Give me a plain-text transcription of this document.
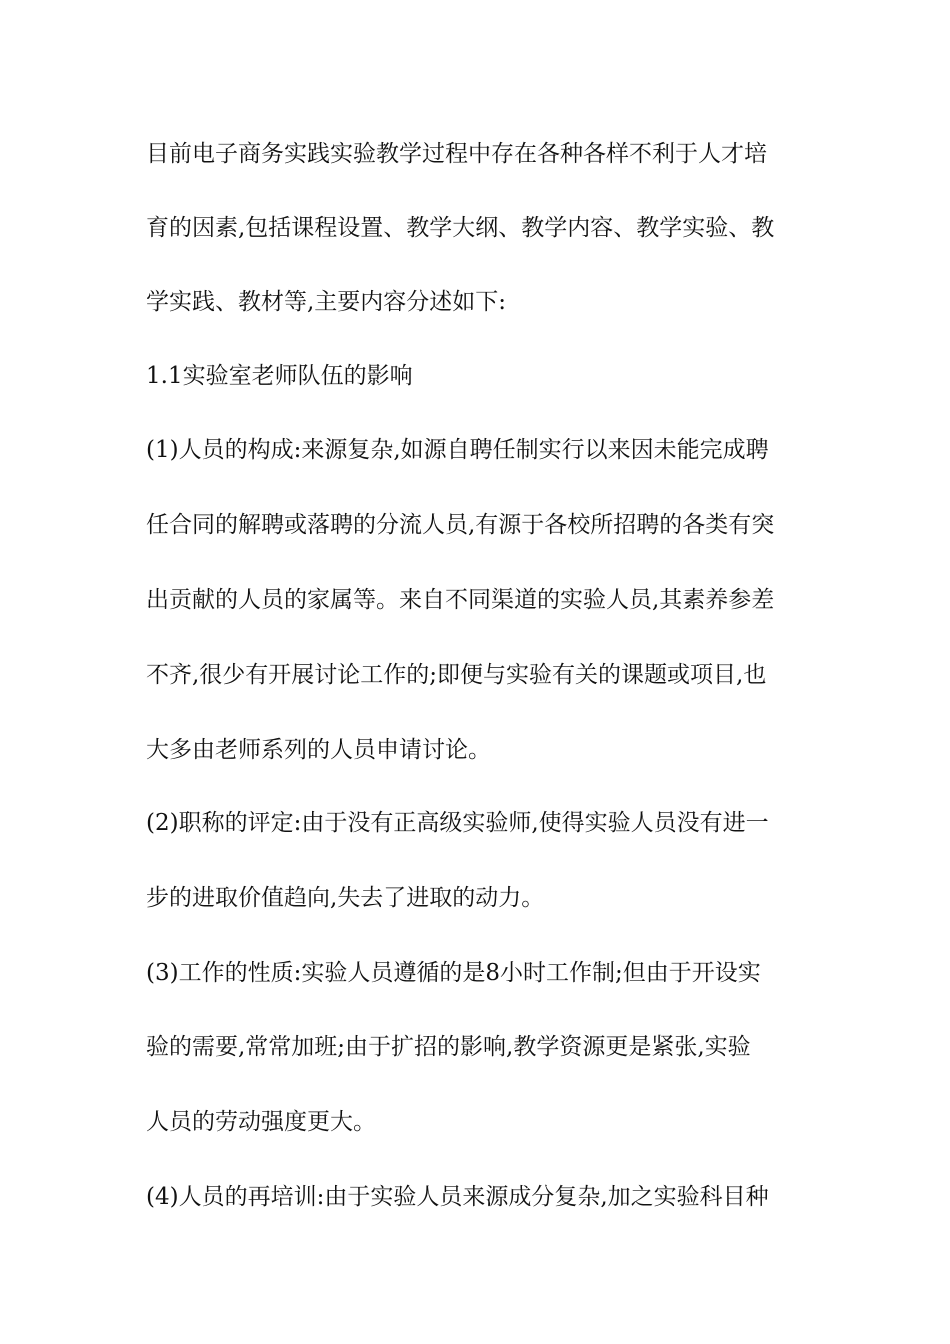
目前电子商务实践实验教学过程中存在各种各样不利于人才培
育的因素,包括课程设置、教学大纲、教学内容、教学实验、教
学实践、教材等,主要内容分述如下:
1.1实验室老师队伍的影响
(1)人员的构成:来源复杂,如源自聘任制实行以来因未能完成聘
任合同的解聘或落聘的分流人员,有源于各校所招聘的各类有突
出贡献的人员的家属等。来自不同渠道的实验人员,其素养参差
不齐,很少有开展讨论工作的;即便与实验有关的课题或项目,也
大多由老师系列的人员申请讨论。
(2)职称的评定:由于没有正高级实验师,使得实验人员没有进一
步的进取价值趋向,失去了进取的动力。
(3)工作的性质:实验人员遵循的是8小时工作制;但由于开设实
验的需要,常常加班;由于扩招的影响,教学资源更是紧张,实验
人员的劳动强度更大。
(4)人员的再培训:由于实验人员来源成分复杂,加之实验科目种
